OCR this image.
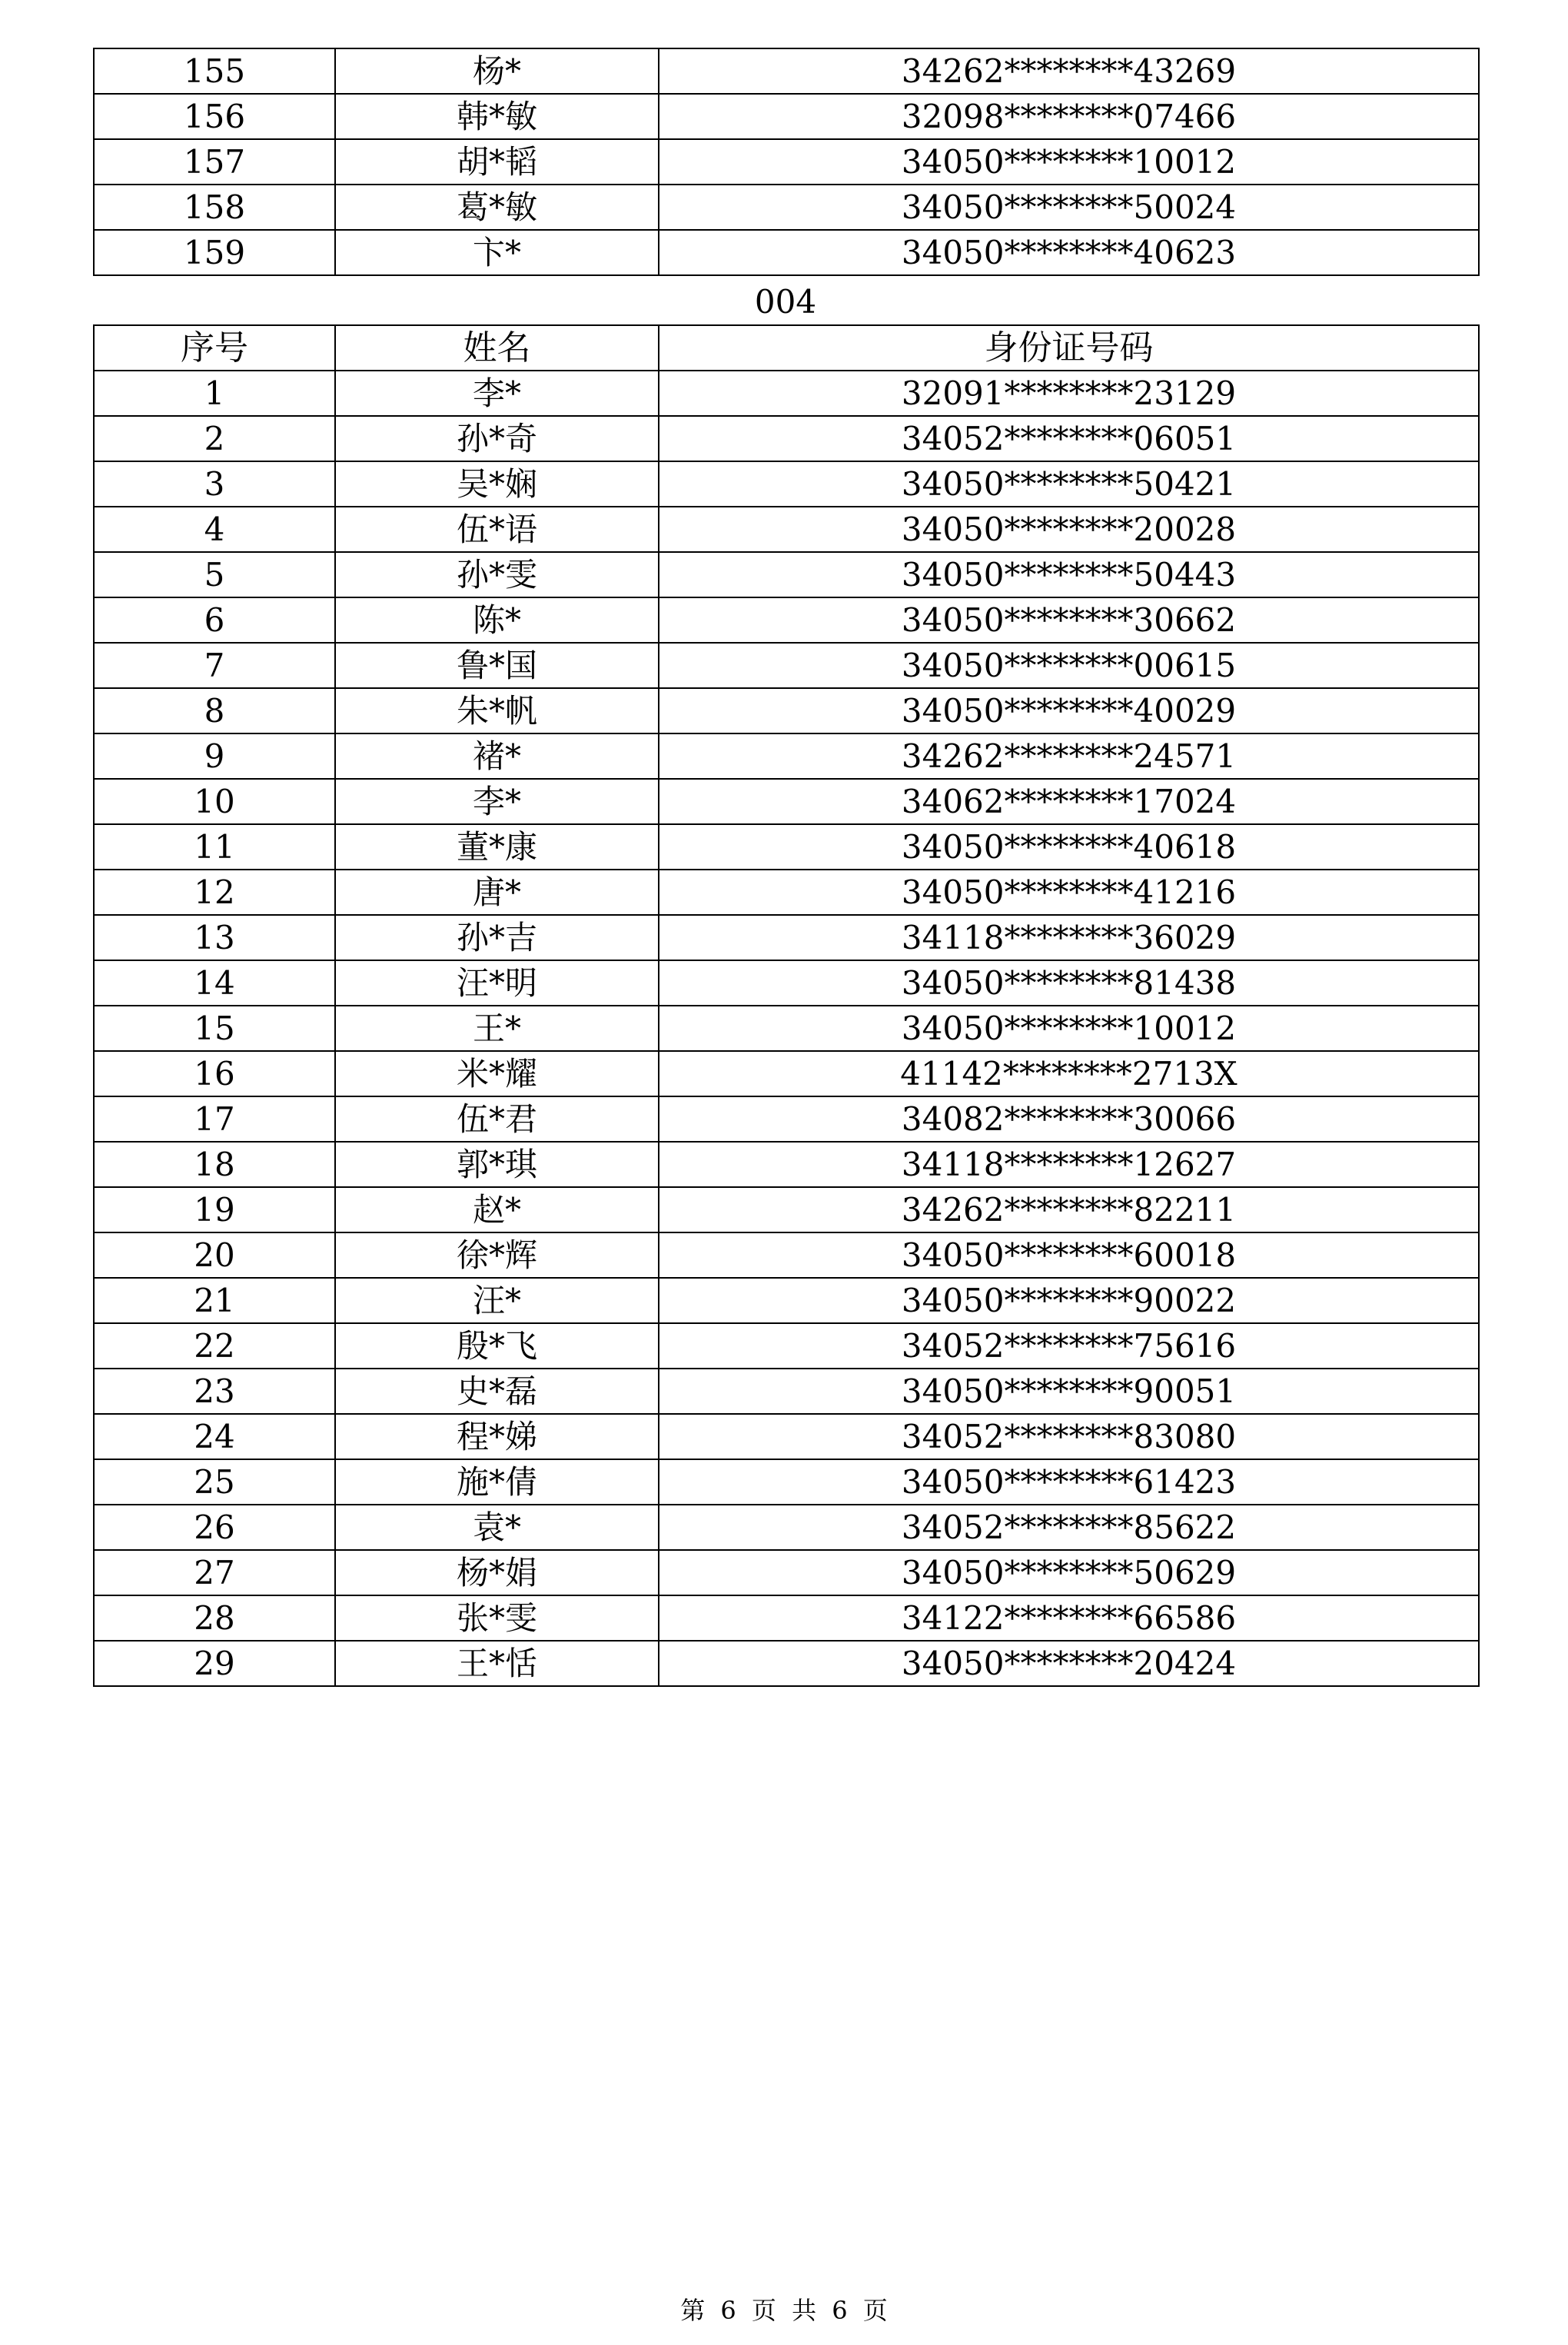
155	杨*	34262********43269
156	韩*敏	32098********07466
157	胡*韬	34050********10012
158	葛*敏	34050********50024
159	卞*	34050********40623
004
序号	姓名	身份证号码
1	李*	32091********23129
2	孙*奇	34052********06051
3	吴*娴	34050********50421
4	伍*语	34050********20028
5	孙*雯	34050********50443
6	陈*	34050********30662
7	鲁*国	34050********00615
8	朱*帆	34050********40029
9	褚*	34262********24571
10	李*	34062********17024
11	董*康	34050********40618
12	唐*	34050********41216
13	孙*吉	34118********36029
14	汪*明	34050********81438
15	王*	34050********10012
16	米*耀	41142********2713X
17	伍*君	34082********30066
18	郭*琪	34118********12627
19	赵*	34262********82211
20	徐*辉	34050********60018
21	汪*	34050********90022
22	殷*飞	34052********75616
23	史*磊	34050********90051
24	程*娣	34052********83080
25	施*倩	34050********61423
26	袁*	34052********85622
27	杨*娟	34050********50629
28	张*雯	34122********66586
29	王*恬	34050********20424
第 6 页 共 6 页
